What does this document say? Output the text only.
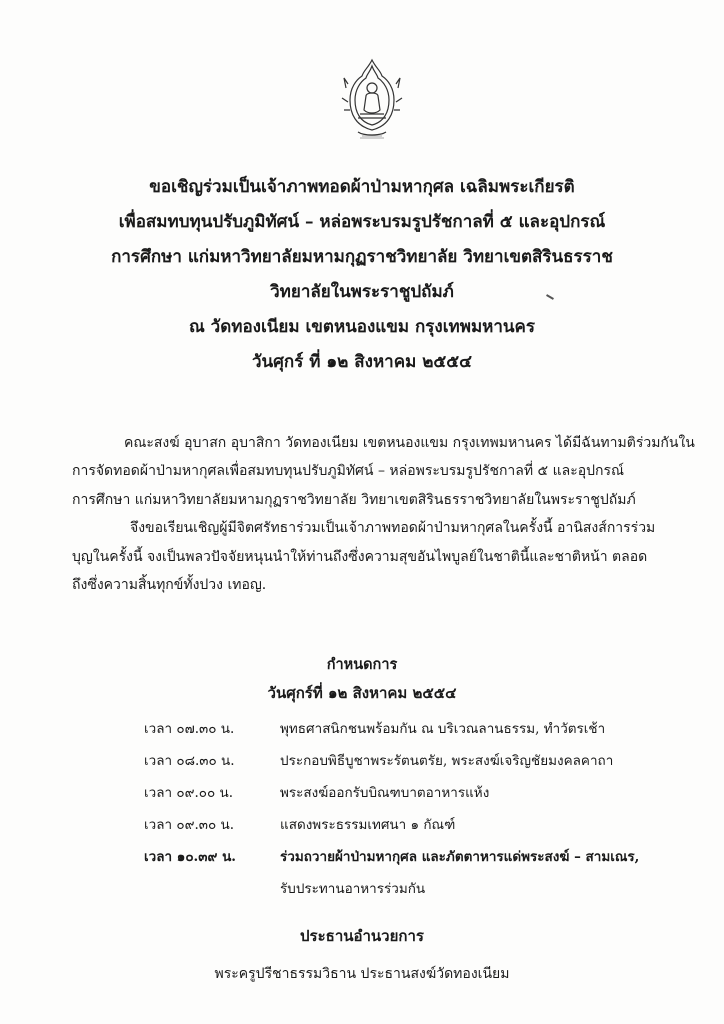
ขอเชิญร่วมเป็นเจ้าภาพทอดผ้าป่ามหากุศล เฉลิมพระเกียรติ
เพื่อสมทบทุนปรับภูมิทัศน์ – หล่อพระบรมรูปรัชกาลที่ ๕ และอุปกรณ์
การศึกษา แก่มหาวิทยาลัยมหามกุฏราชวิทยาลัย วิทยาเขตสิรินธรราช
วิทยาลัยในพระราชูปถัมภ์
ณ วัดทองเนียม เขตหนองแขม กรุงเทพมหานคร
วันศุกร์ ที่ ๑๒ สิงหาคม ๒๕๕๔
คณะสงฆ์ อุบาสก อุบาสิกา วัดทองเนียม เขตหนองแขม กรุงเทพมหานคร ได้มีฉันทามติร่วมกันใน
การจัดทอดผ้าป่ามหากุศลเพื่อสมทบทุนปรับภูมิทัศน์ – หล่อพระบรมรูปรัชกาลที่ ๕ และอุปกรณ์
การศึกษา แก่มหาวิทยาลัยมหามกุฏราชวิทยาลัย วิทยาเขตสิรินธรราชวิทยาลัยในพระราชูปถัมภ์
จึงขอเรียนเชิญผู้มีจิตศรัทธาร่วมเป็นเจ้าภาพทอดผ้าป่ามหากุศลในครั้งนี้ อานิสงส์การร่วม
บุญในครั้งนี้ จงเป็นพลวปัจจัยหนุนนำให้ท่านถึงซึ่งความสุขอันไพบูลย์ในชาตินี้และชาติหน้า ตลอด
ถึงซึ่งความสิ้นทุกข์ทั้งปวง เทอญ.
กำหนดการ
วันศุกร์ที่ ๑๒ สิงหาคม ๒๕๕๔
เวลา ๐๗.๓๐ น.	พุทธศาสนิกชนพร้อมกัน ณ บริเวณลานธรรม, ทำวัตรเช้า
เวลา ๐๘.๓๐ น.	ประกอบพิธีบูชาพระรัตนตรัย, พระสงฆ์เจริญชัยมงคลคาถา
เวลา ๐๙.๐๐ น.	พระสงฆ์ออกรับบิณฑบาตอาหารแห้ง
เวลา ๐๙.๓๐ น.	แสดงพระธรรมเทศนา ๑ กัณฑ์
เวลา ๑๐.๓๙ น.	ร่วมถวายผ้าป่ามหากุศล และภัตตาหารแด่พระสงฆ์ – สามเณร,
รับประทานอาหารร่วมกัน
ประธานอำนวยการ
พระครูปรีชาธรรมวิธาน ประธานสงฆ์วัดทองเนียม
